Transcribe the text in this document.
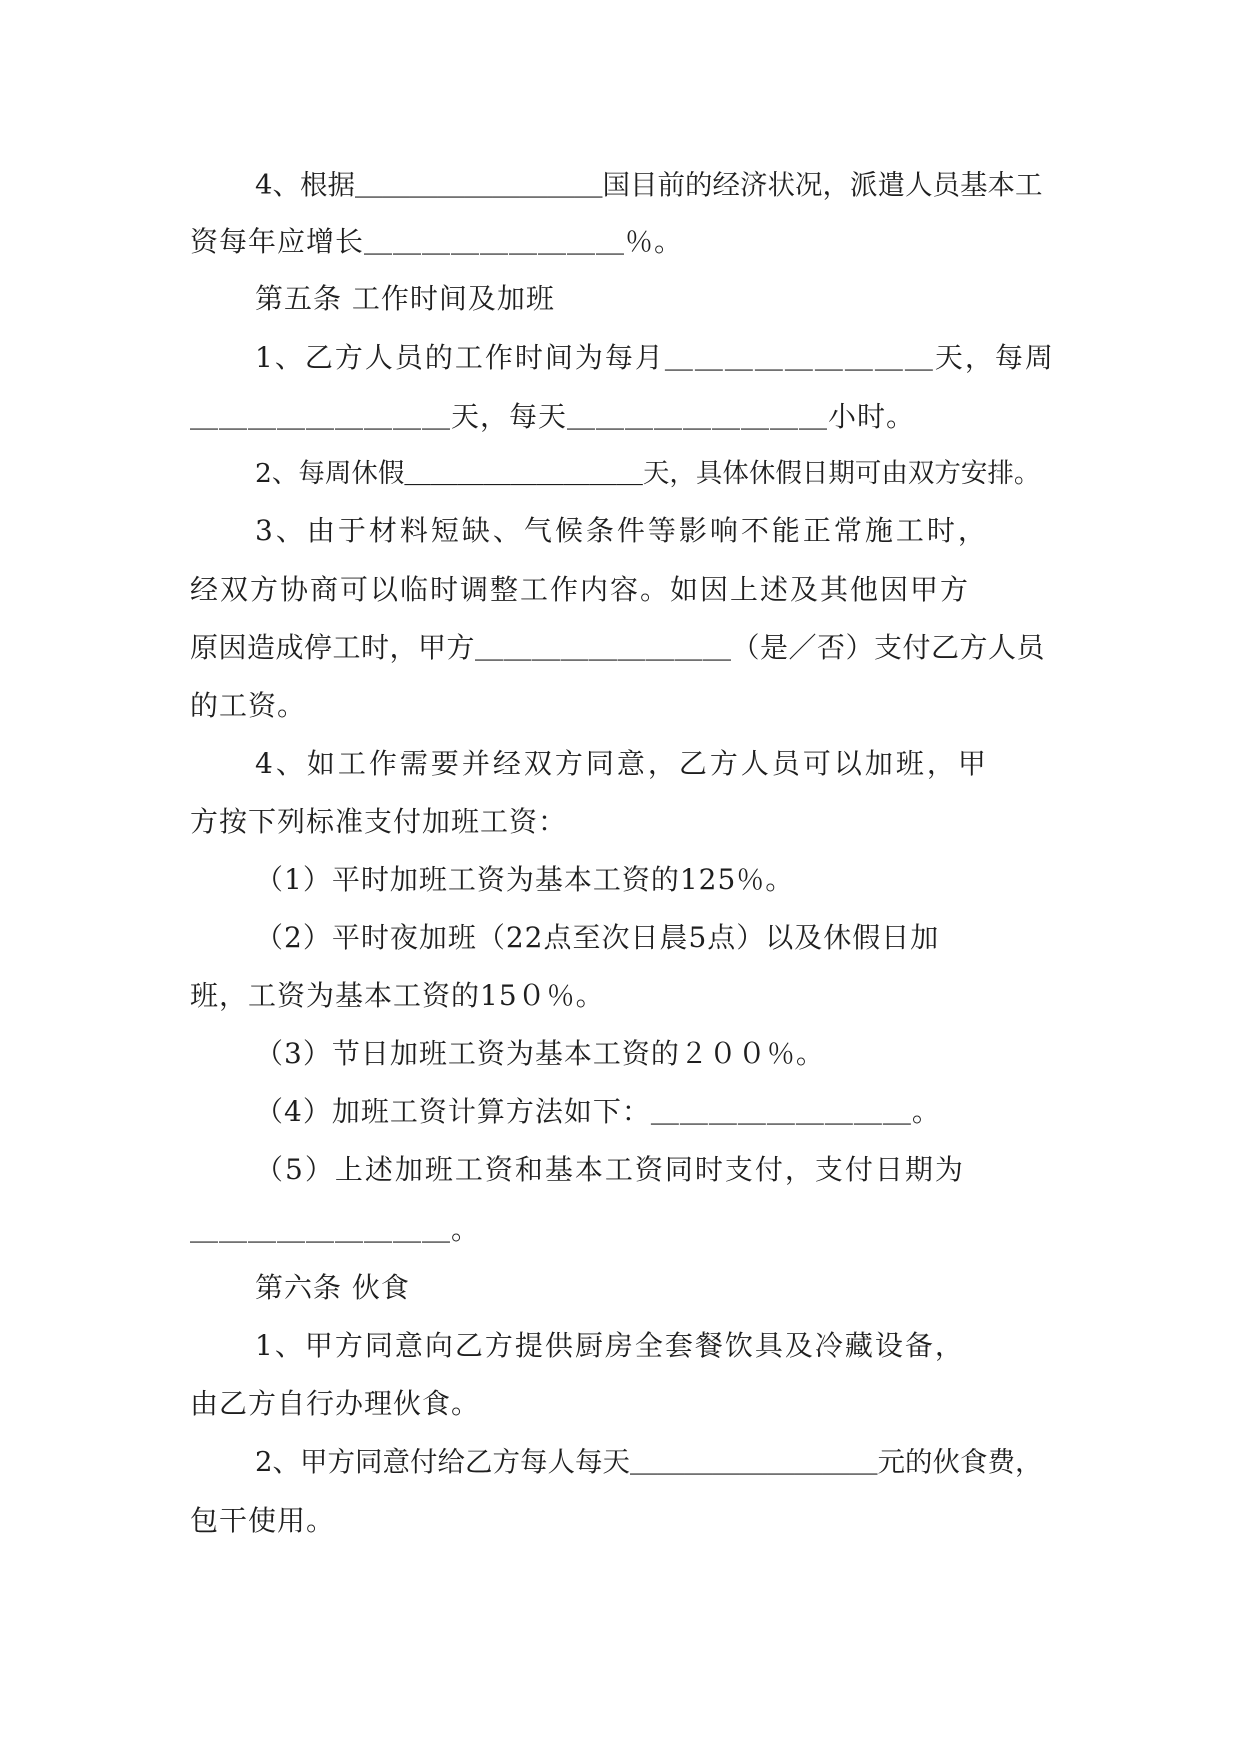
4、根据＿＿＿＿＿＿＿＿＿国目前的经济状况，派遣人员基本工
资每年应增长＿＿＿＿＿＿＿＿＿％。
第五条 工作时间及加班
1、乙方人员的工作时间为每月＿＿＿＿＿＿＿＿＿天，每周
＿＿＿＿＿＿＿＿＿天，每天＿＿＿＿＿＿＿＿＿小时。
2、每周休假＿＿＿＿＿＿＿＿＿天，具体休假日期可由双方安排。
3、由于材料短缺、气候条件等影响不能正常施工时，
经双方协商可以临时调整工作内容。如因上述及其他因甲方
原因造成停工时，甲方＿＿＿＿＿＿＿＿＿（是／否）支付乙方人员
的工资。
4、如工作需要并经双方同意，乙方人员可以加班，甲
方按下列标准支付加班工资：
（1）平时加班工资为基本工资的125％。
（2）平时夜加班（22点至次日晨5点）以及休假日加
班，工资为基本工资的15０％。
（3）节日加班工资为基本工资的２００％。
（4）加班工资计算方法如下：＿＿＿＿＿＿＿＿＿。
（5）上述加班工资和基本工资同时支付，支付日期为
＿＿＿＿＿＿＿＿＿。
第六条 伙食
1、甲方同意向乙方提供厨房全套餐饮具及冷藏设备，
由乙方自行办理伙食。
2、甲方同意付给乙方每人每天＿＿＿＿＿＿＿＿＿元的伙食费，
包干使用。
